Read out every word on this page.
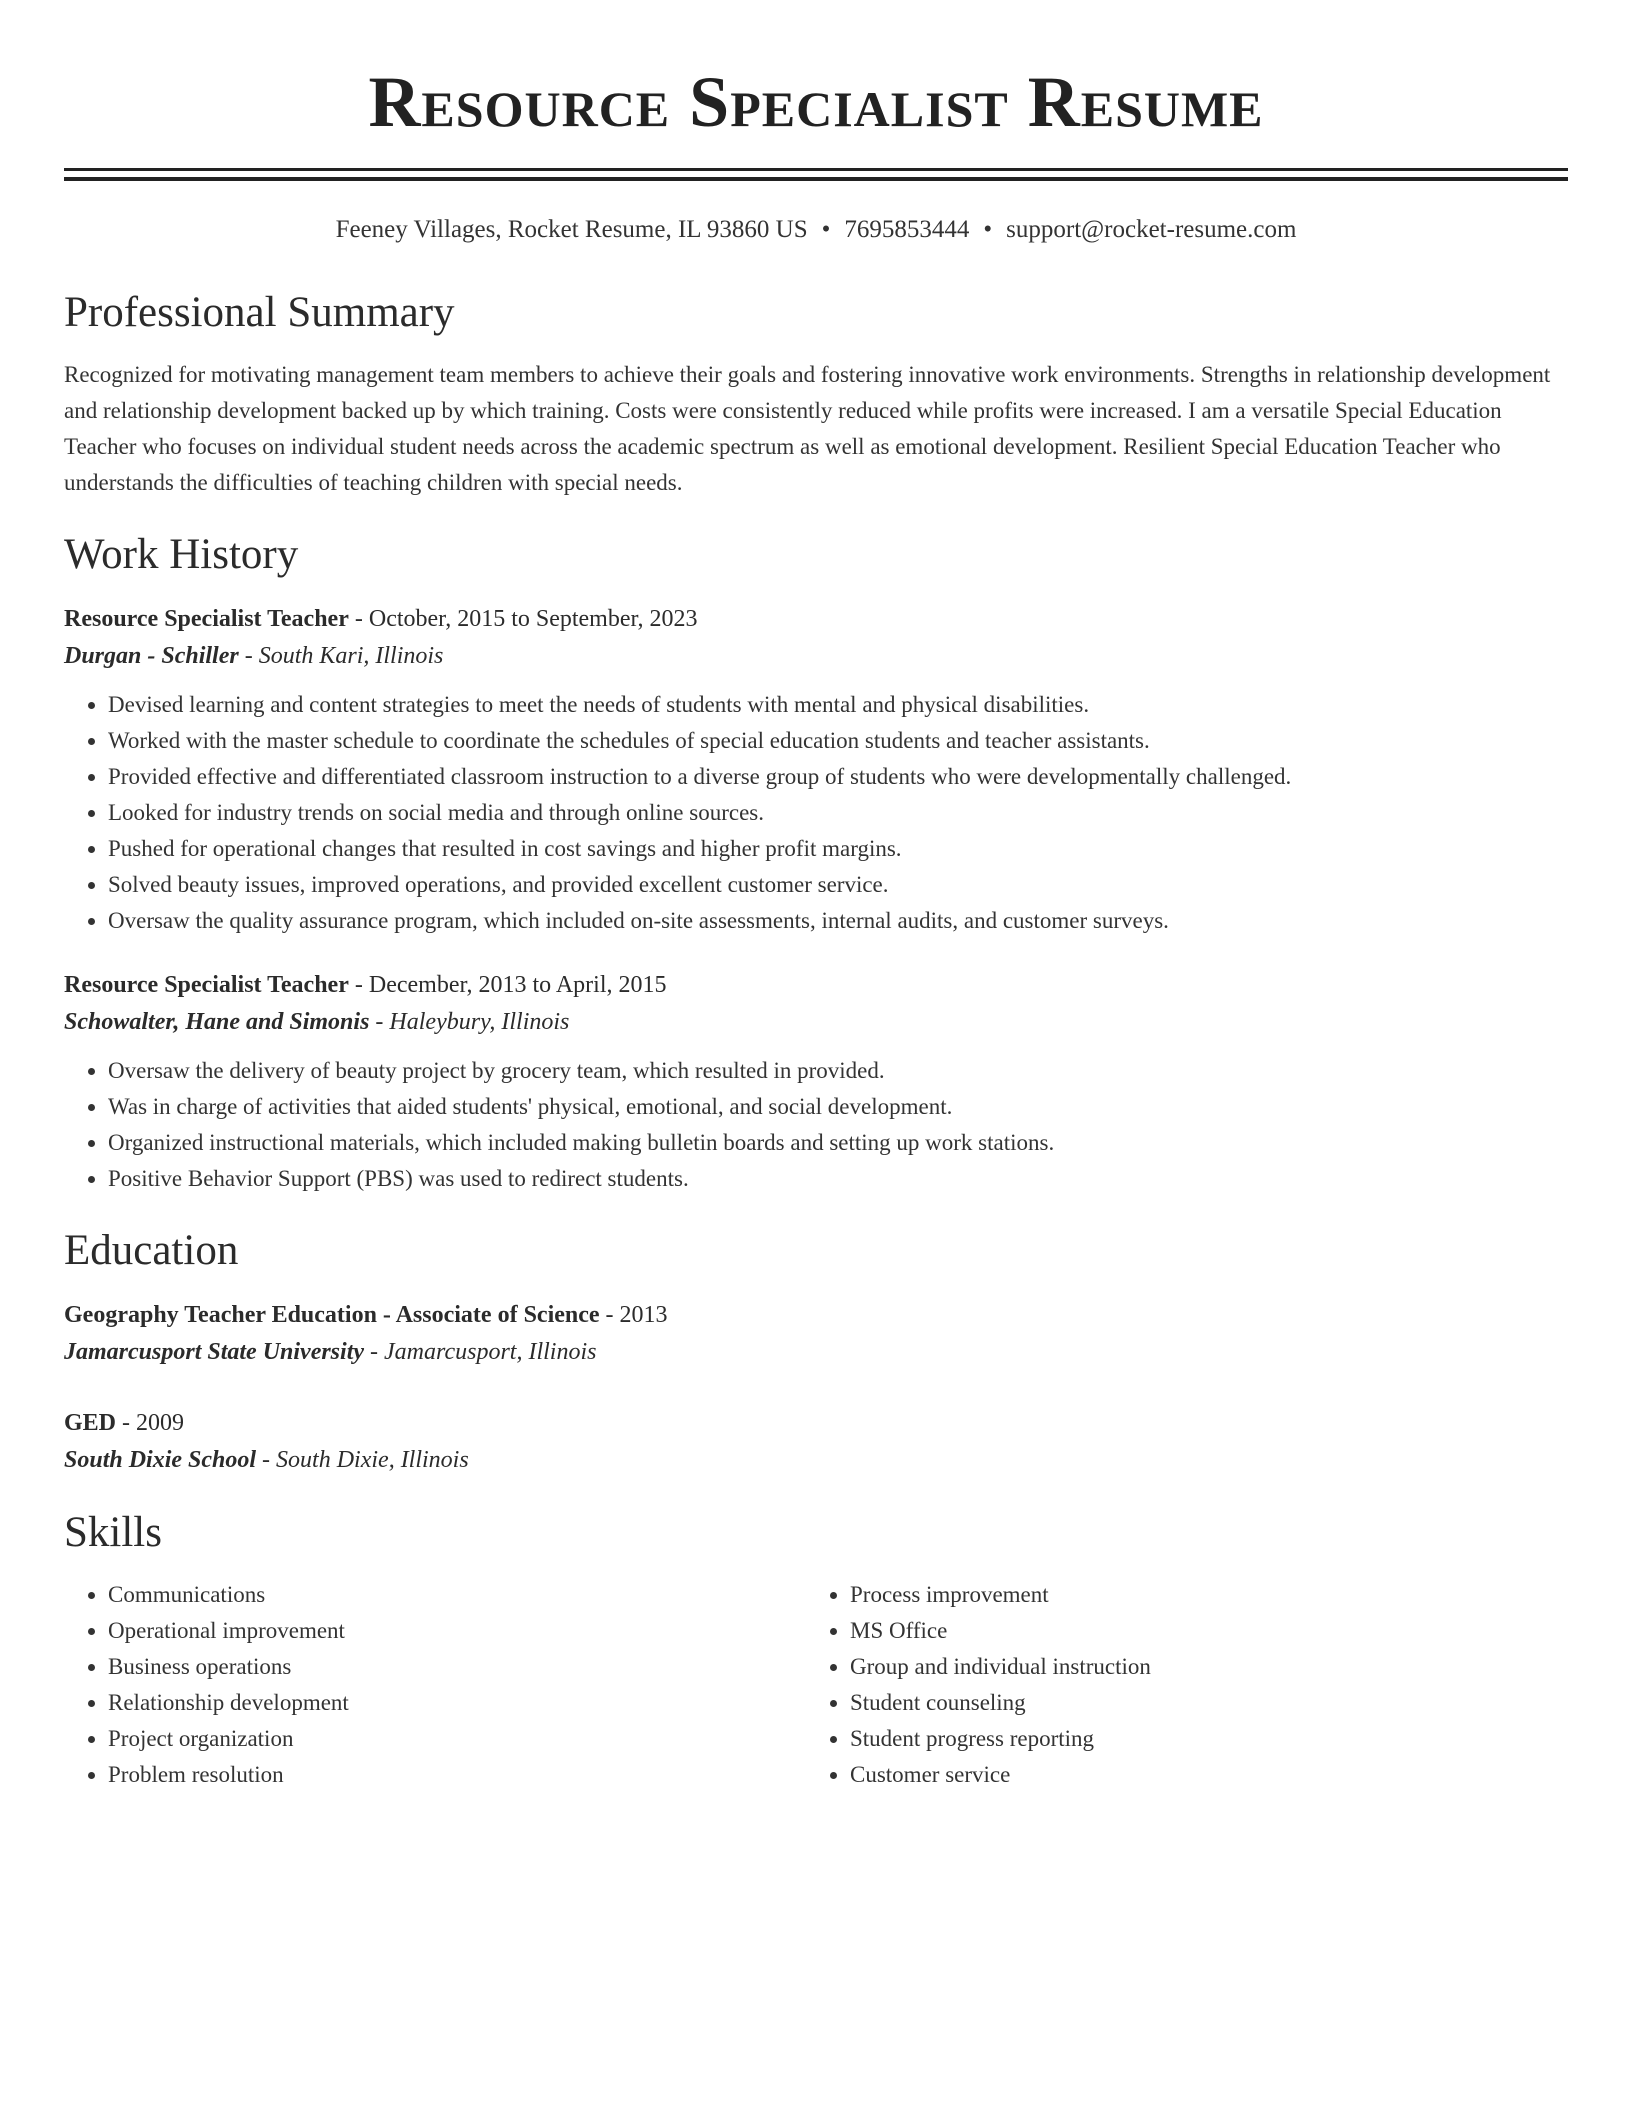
Resource Specialist Resume
Feeney Villages, Rocket Resume, IL 93860 US • 7695853444 • support@rocket-resume.com
Professional Summary

Recognized for motivating management team members to achieve their goals and fostering innovative work environments. Strengths in relationship development and relationship development backed up by which training. Costs were consistently reduced while profits were increased. I am a versatile Special Education Teacher who focuses on individual student needs across the academic spectrum as well as emotional development. Resilient Special Education Teacher who understands the difficulties of teaching children with special needs.

Work History
Resource Specialist Teacher - October, 2015 to September, 2023
Durgan - Schiller - South Kari, Illinois
• Devised learning and content strategies to meet the needs of students with mental and physical disabilities.
• Worked with the master schedule to coordinate the schedules of special education students and teacher assistants.
• Provided effective and differentiated classroom instruction to a diverse group of students who were developmentally challenged.
• Looked for industry trends on social media and through online sources.
• Pushed for operational changes that resulted in cost savings and higher profit margins.
• Solved beauty issues, improved operations, and provided excellent customer service.
• Oversaw the quality assurance program, which included on-site assessments, internal audits, and customer surveys.
Resource Specialist Teacher - December, 2013 to April, 2015
Schowalter, Hane and Simonis - Haleybury, Illinois
• Oversaw the delivery of beauty project by grocery team, which resulted in provided.
• Was in charge of activities that aided students' physical, emotional, and social development.
• Organized instructional materials, which included making bulletin boards and setting up work stations.
• Positive Behavior Support (PBS) was used to redirect students.
Education
Geography Teacher Education - Associate of Science - 2013
Jamarcusport State University - Jamarcusport, Illinois
GED - 2009
South Dixie School - South Dixie, Illinois
Skills
• Communications
• Operational improvement
• Business operations
• Relationship development
• Project organization
• Problem resolution
• Process improvement
• MS Office
• Group and individual instruction
• Student counseling
• Student progress reporting
• Customer service
